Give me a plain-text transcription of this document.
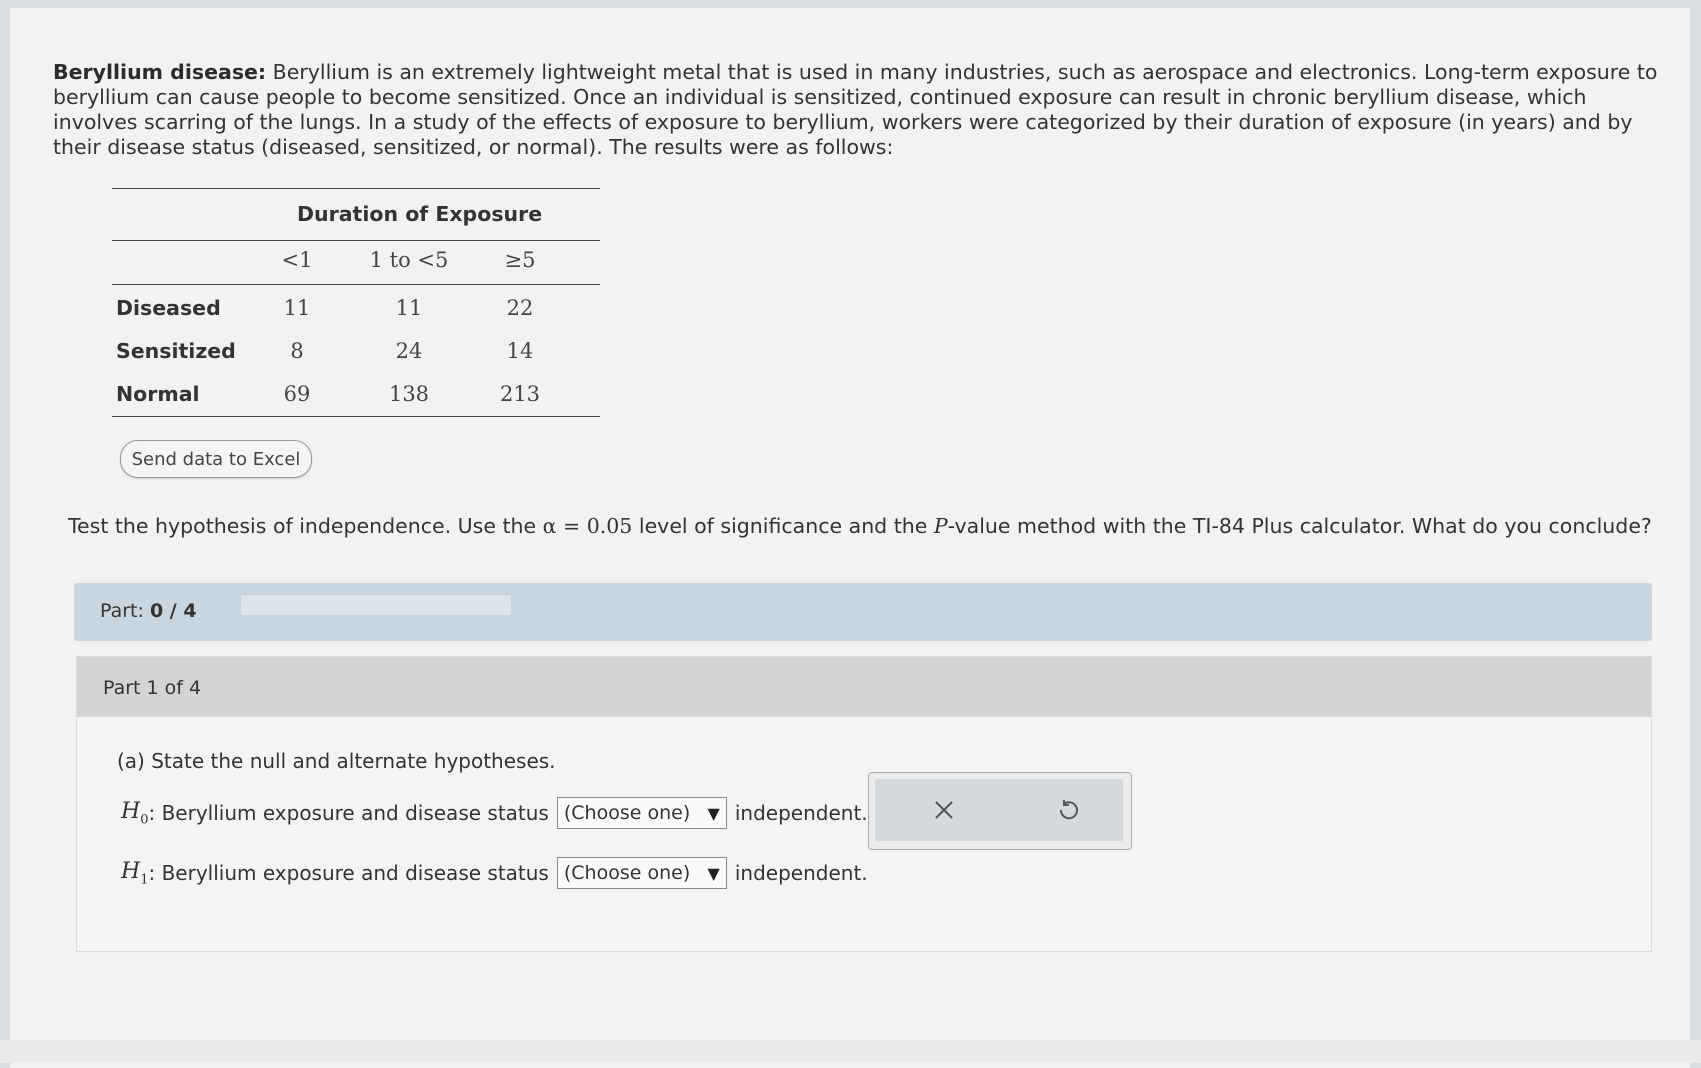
Beryllium disease: Beryllium is an extremely lightweight metal that is used in many industries, such as aerospace and electronics. Long-term exposure to beryllium can cause people to become sensitized. Once an individual is sensitized, continued exposure can result in chronic beryllium disease, which involves scarring of the lungs. In a study of the effects of exposure to beryllium, workers were categorized by their duration of exposure (in years) and by their disease status (diseased, sensitized, or normal). The results were as follows:
Duration of Exposure
<1	1 to <5	≥5
Diseased	11	11	22
Sensitized	8	24	14
Normal	69	138	213
Send data to Excel
Test the hypothesis of independence. Use the α = 0.05 level of significance and the P-value method with the TI-84 Plus calculator. What do you conclude?
Part: 0 / 4
Part 1 of 4
(a) State the null and alternate hypotheses.
$H_0$ : Beryllium exposure and disease status (Choose one) ▼ independent.
$H_1$ : Beryllium exposure and disease status (Choose one) ▼ independent.
